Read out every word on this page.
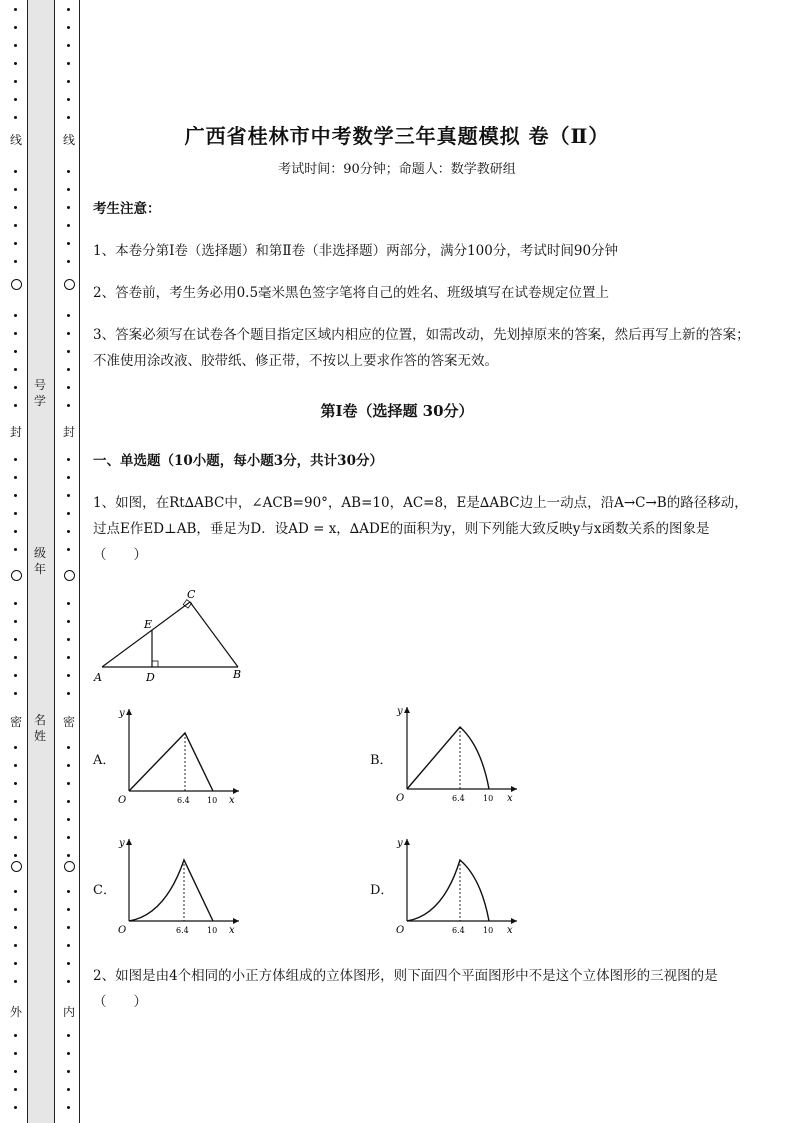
线
封
密
外
线
封
密
内
号学
级年
名姓
广西省桂林市中考数学三年真题模拟 卷（Ⅱ）
考试时间：90分钟；命题人：数学教研组
考生注意：
1、本卷分第Ⅰ卷（选择题）和第Ⅱ卷（非选择题）两部分，满分100分，考试时间90分钟
2、答卷前，考生务必用0.5毫米黑色签字笔将自己的姓名、班级填写在试卷规定位置上
3、答案必须写在试卷各个题目指定区域内相应的位置，如需改动，先划掉原来的答案，然后再写上新的答案；不准使用涂改液、胶带纸、修正带，不按以上要求作答的答案无效。
第Ⅰ卷（选择题 30分）
一、单选题（10小题，每小题3分，共计30分）
1、如图，在Rt∆ABC中，∠ACB=90°，AB=10，AC=8，E是∆ABC边上一动点，沿A→C→B的路径移动，过点E作ED⊥AB，垂足为D．设AD = x，∆ADE的面积为y，则下列能大致反映y与x函数关系的图象是（　　）
A	D	B
C
E
A．
y
O	6.4 10 x
B．
y
O	6.4 10 x
C．
y
O	6.4 10 x
D．
y
O	6.4 10 x
2、如图是由4个相同的小正方体组成的立体图形，则下面四个平面图形中不是这个立体图形的三视图的是（　　）
